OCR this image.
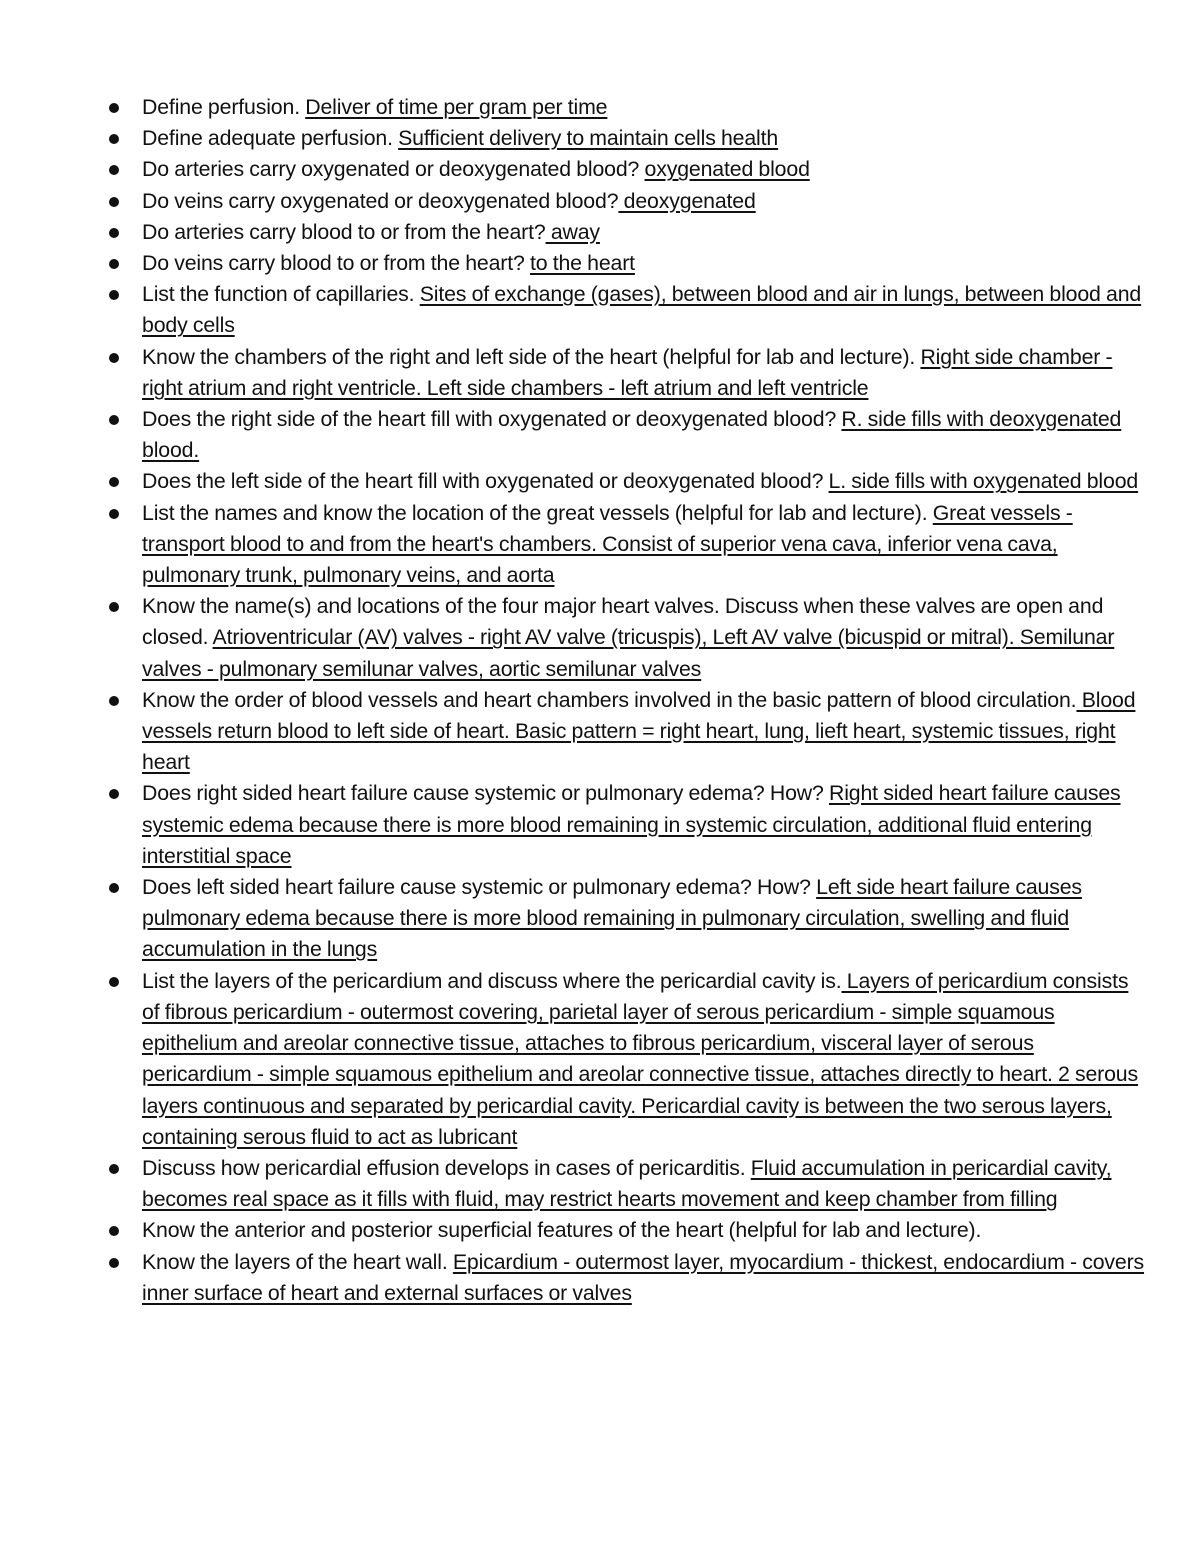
Define perfusion. Deliver of time per gram per time
Define adequate perfusion. Sufficient delivery to maintain cells health
Do arteries carry oxygenated or deoxygenated blood? oxygenated blood
Do veins carry oxygenated or deoxygenated blood? deoxygenated
Do arteries carry blood to or from the heart? away
Do veins carry blood to or from the heart? to the heart
List the function of capillaries. Sites of exchange (gases), between blood and air in lungs, between blood and body cells
Know the chambers of the right and left side of the heart (helpful for lab and lecture). Right side chamber - right atrium and right ventricle. Left side chambers - left atrium and left ventricle
Does the right side of the heart fill with oxygenated or deoxygenated blood? R. side fills with deoxygenated blood.
Does the left side of the heart fill with oxygenated or deoxygenated blood? L. side fills with oxygenated blood
List the names and know the location of the great vessels (helpful for lab and lecture). Great vessels - transport blood to and from the heart's chambers. Consist of superior vena cava, inferior vena cava, pulmonary trunk, pulmonary veins, and aorta
Know the name(s) and locations of the four major heart valves. Discuss when these valves are open and closed. Atrioventricular (AV) valves - right AV valve (tricuspis), Left AV valve (bicuspid or mitral). Semilunar valves - pulmonary semilunar valves, aortic semilunar valves
Know the order of blood vessels and heart chambers involved in the basic pattern of blood circulation. Blood vessels return blood to left side of heart. Basic pattern = right heart, lung, lieft heart, systemic tissues, right heart
Does right sided heart failure cause systemic or pulmonary edema? How? Right sided heart failure causes systemic edema because there is more blood remaining in systemic circulation, additional fluid entering interstitial space
Does left sided heart failure cause systemic or pulmonary edema? How? Left side heart failure causes pulmonary edema because there is more blood remaining in pulmonary circulation, swelling and fluid accumulation in the lungs
List the layers of the pericardium and discuss where the pericardial cavity is. Layers of pericardium consists of fibrous pericardium - outermost covering, parietal layer of serous pericardium - simple squamous epithelium and areolar connective tissue, attaches to fibrous pericardium, visceral layer of serous pericardium - simple squamous epithelium and areolar connective tissue, attaches directly to heart. 2 serous layers continuous and separated by pericardial cavity. Pericardial cavity is between the two serous layers, containing serous fluid to act as lubricant
Discuss how pericardial effusion develops in cases of pericarditis. Fluid accumulation in pericardial cavity, becomes real space as it fills with fluid, may restrict hearts movement and keep chamber from filling
Know the anterior and posterior superficial features of the heart (helpful for lab and lecture).
Know the layers of the heart wall. Epicardium - outermost layer, myocardium - thickest, endocardium - covers inner surface of heart and external surfaces or valves
